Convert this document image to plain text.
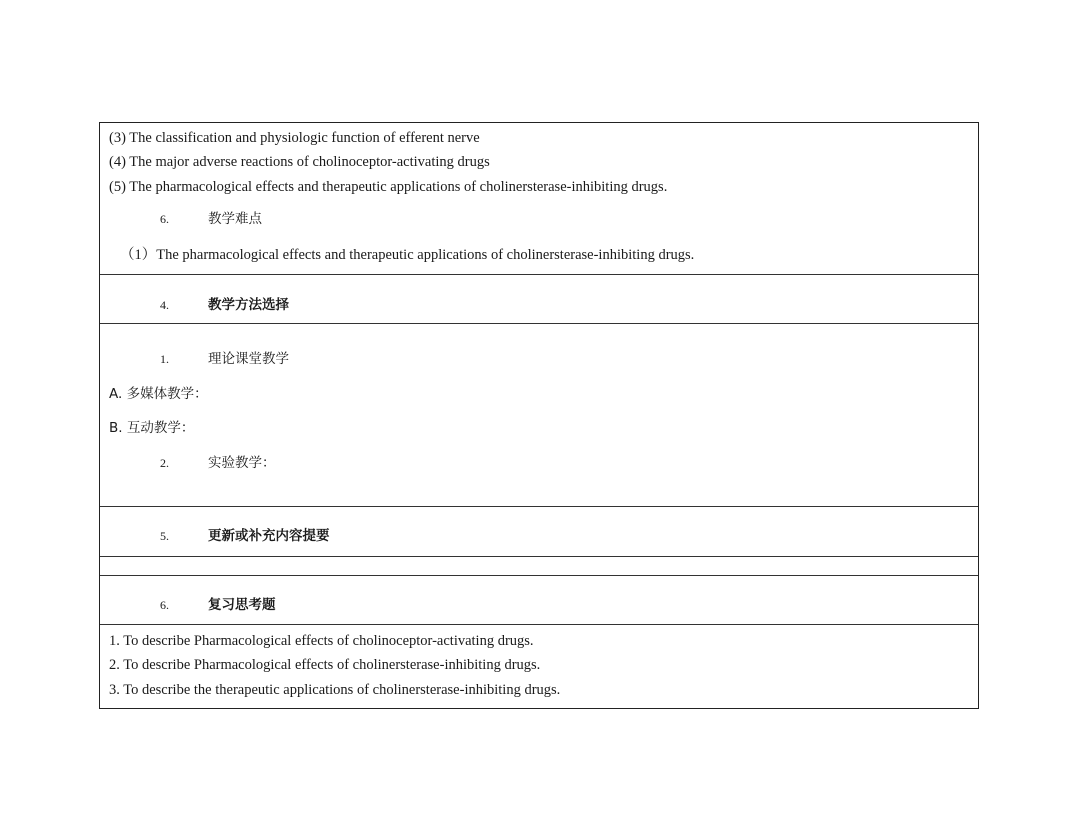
(3) The classification and physiologic function of efferent nerve
(4) The major adverse reactions of cholinoceptor-activating drugs
(5) The pharmacological effects and therapeutic applications of cholinersterase-inhibiting drugs.
6.	教学难点
（1）The pharmacological effects and therapeutic applications of cholinersterase-inhibiting drugs.
4.	教学方法选择
1.	理论课堂教学
A. 多媒体教学：
B. 互动教学：
2.	实验教学：
5.	更新或补充内容提要
6.	复习思考题
1. To describe Pharmacological effects of cholinoceptor-activating drugs.
2. To describe Pharmacological effects of cholinersterase-inhibiting drugs.
3. To describe the therapeutic applications of cholinersterase-inhibiting drugs.
